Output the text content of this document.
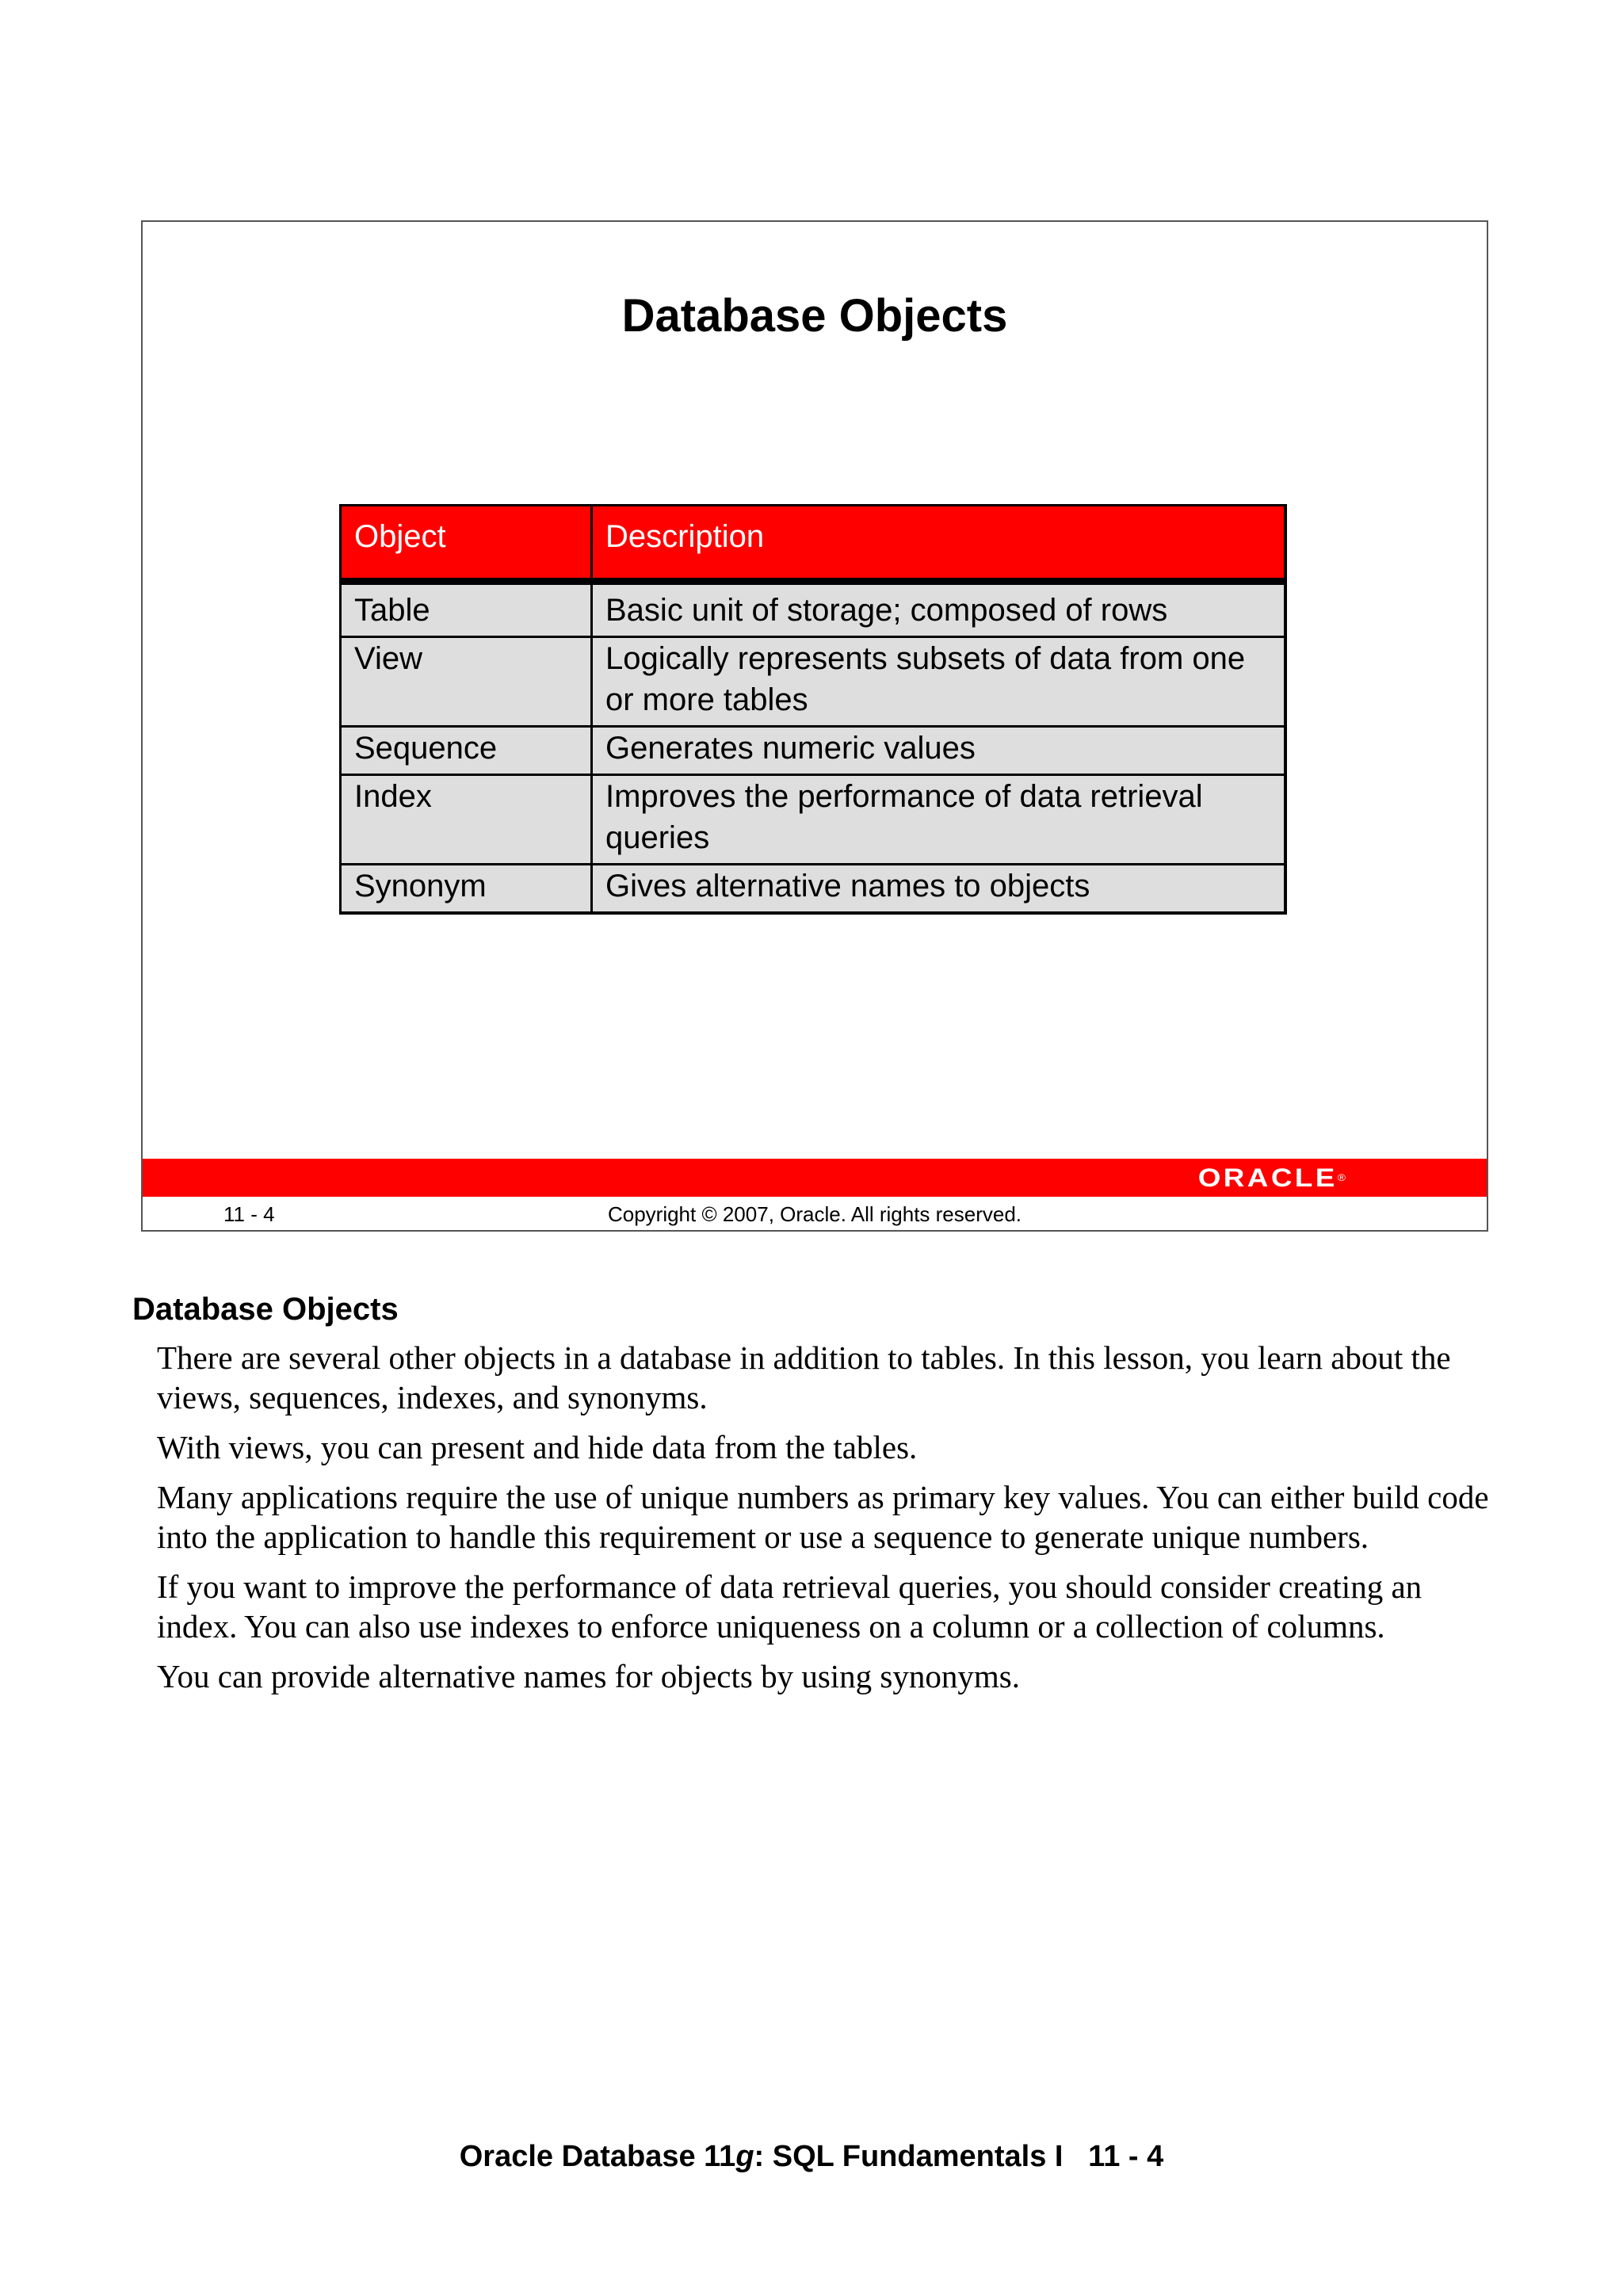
Database Objects
Object	Description
Table	Basic unit of storage; composed of rows
View	Logically represents subsets of data from one or more tables
Sequence	Generates numeric values
Index	Improves the performance of data retrieval queries
Synonym	Gives alternative names to objects
ORACLE®
11 - 4	Copyright © 2007, Oracle. All rights reserved.
Database Objects

There are several other objects in a database in addition to tables. In this lesson, you learn about the views, sequences, indexes, and synonyms.

With views, you can present and hide data from the tables.

Many applications require the use of unique numbers as primary key values. You can either build code into the application to handle this requirement or use a sequence to generate unique numbers.

If you want to improve the performance of data retrieval queries, you should consider creating an index. You can also use indexes to enforce uniqueness on a column or a collection of columns.

You can provide alternative names for objects by using synonyms.

Oracle Database 11g: SQL Fundamentals I 11 - 4
